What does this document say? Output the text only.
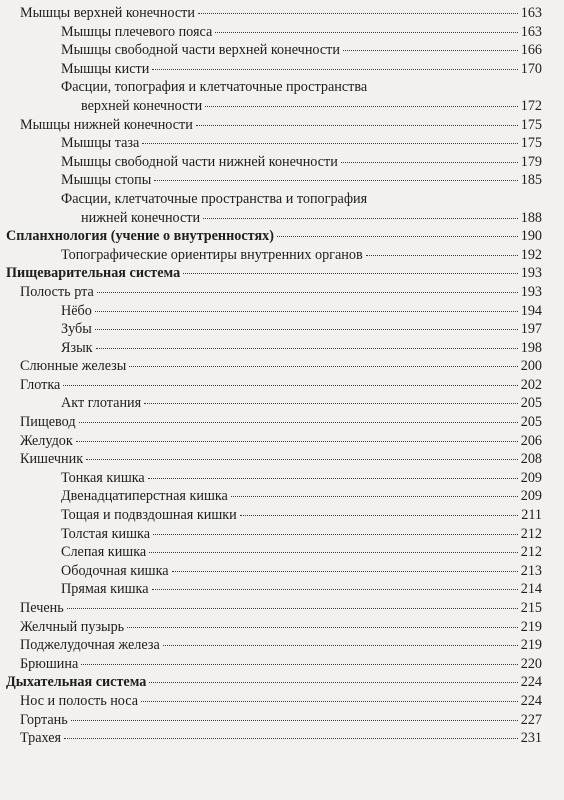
Мышцы верхней конечности	163
Мышцы плечевого пояса	163
Мышцы свободной части верхней конечности	166
Мышцы кисти	170
Фасции, топография и клетчаточные пространства
верхней конечности	172
Мышцы нижней конечности	175
Мышцы таза	175
Мышцы свободной части нижней конечности	179
Мышцы стопы	185
Фасции, клетчаточные пространства и топография
нижней конечности	188
Спланхнология (учение о внутренностях)	190
Топографические ориентиры внутренних органов	192
Пищеварительная система	193
Полость рта	193
Нёбо	194
Зубы	197
Язык	198
Слюнные железы	200
Глотка	202
Акт глотания	205
Пищевод	205
Желудок	206
Кишечник	208
Тонкая кишка	209
Двенадцатиперстная кишка	209
Тощая и подвздошная кишки	211
Толстая кишка	212
Слепая кишка	212
Ободочная кишка	213
Прямая кишка	214
Печень	215
Желчный пузырь	219
Поджелудочная железа	219
Брюшина	220
Дыхательная система	224
Нос и полость носа	224
Гортань	227
Трахея	231
